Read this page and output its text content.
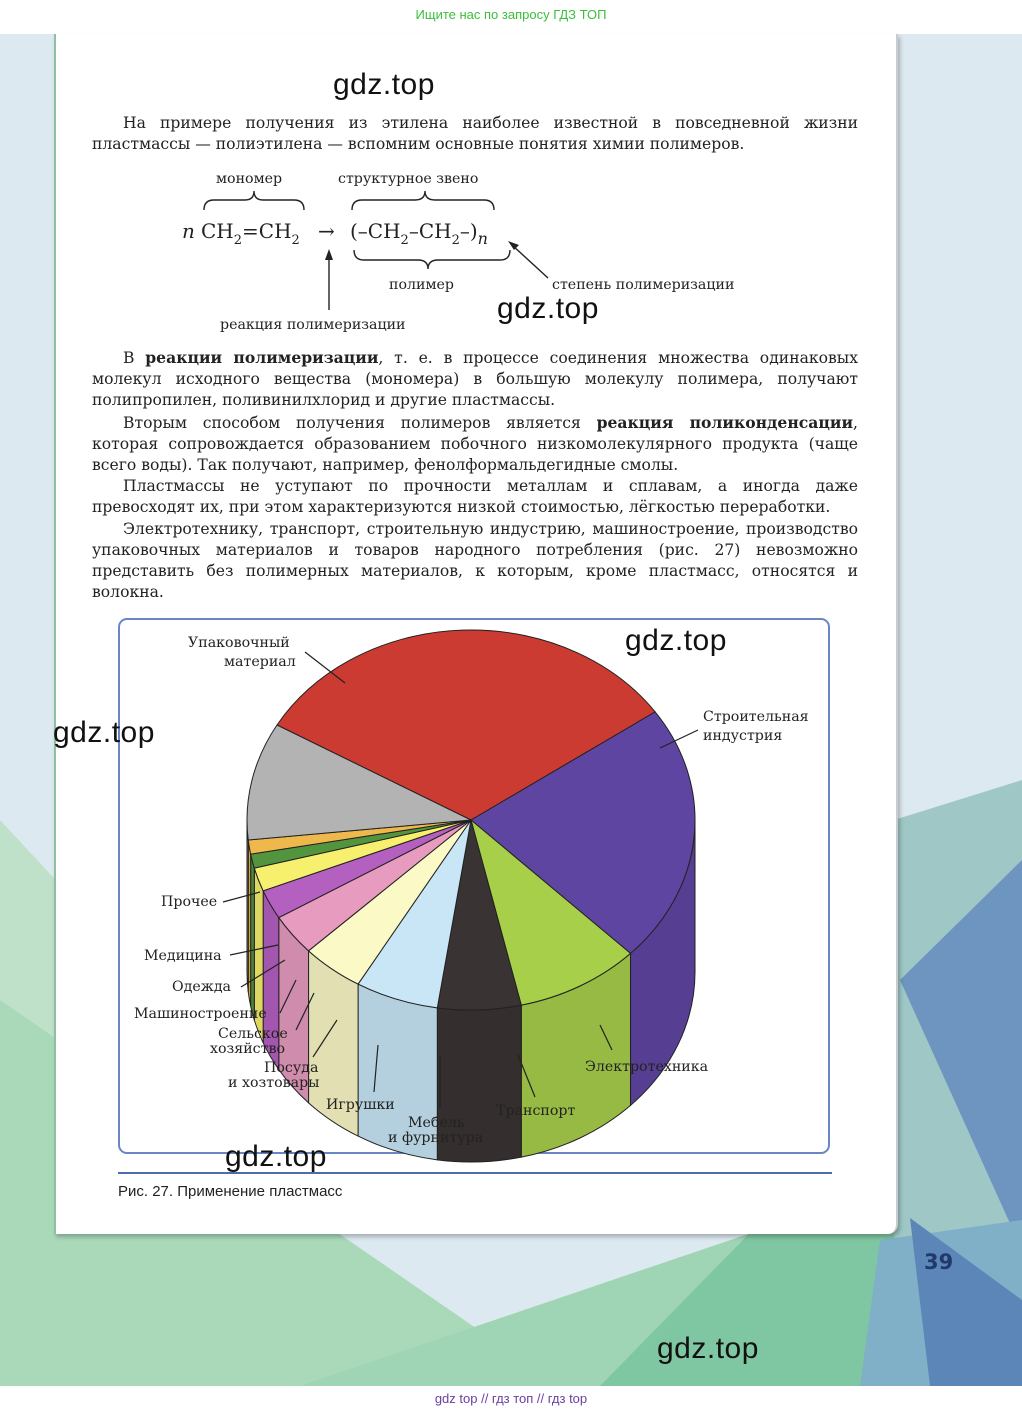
Ищите нас по запросу ГДЗ ТОП

На примере получения из этилена наиболее известной в повседневной жизни пластмассы — полиэтилена — вспомним основные понятия химии полимеров.

мономер	структурное звено
n $CH_2=CH_2 \to (-CH_2-CH_2-)_n$
полимер	степень полимеризации
реакция полимеризации

В реакции полимеризации, т. е. в процессе соединения множества одинаковых молекул исходного вещества (мономера) в большую молекулу полимера, получают полипропилен, поливинилхлорид и другие пластмассы.

Вторым способом получения полимеров является реакция поликонденсации, которая сопровождается образованием побочного низкомолекулярного продукта (чаще всего воды). Так получают, например, фенолформальдегидные смолы.

Пластмассы не уступают по прочности металлам и сплавам, а иногда даже превосходят их, при этом характеризуются низкой стоимостью, лёгкостью переработки.

Электротехнику, транспорт, строительную индустрию, машиностроение, производство упаковочных материалов и товаров народного потребления (рис. 27) невозможно представить без полимерных материалов, к которым, кроме пластмасс, относятся и волокна.

Упаковочный
материал
Строительная
индустрия
Электротехника
Транспорт
Мебель
и фурнитура
Игрушки
Посуда
и хозтовары
Сельское
хозяйство
Машиностроение
Одежда
Медицина
Прочее
Рис. 27. Применение пластмасс
39
gdz.top
gdz.top
gdz.top
gdz.top
gdz.top
gdz.top
gdz top // гдз топ // гдз top
